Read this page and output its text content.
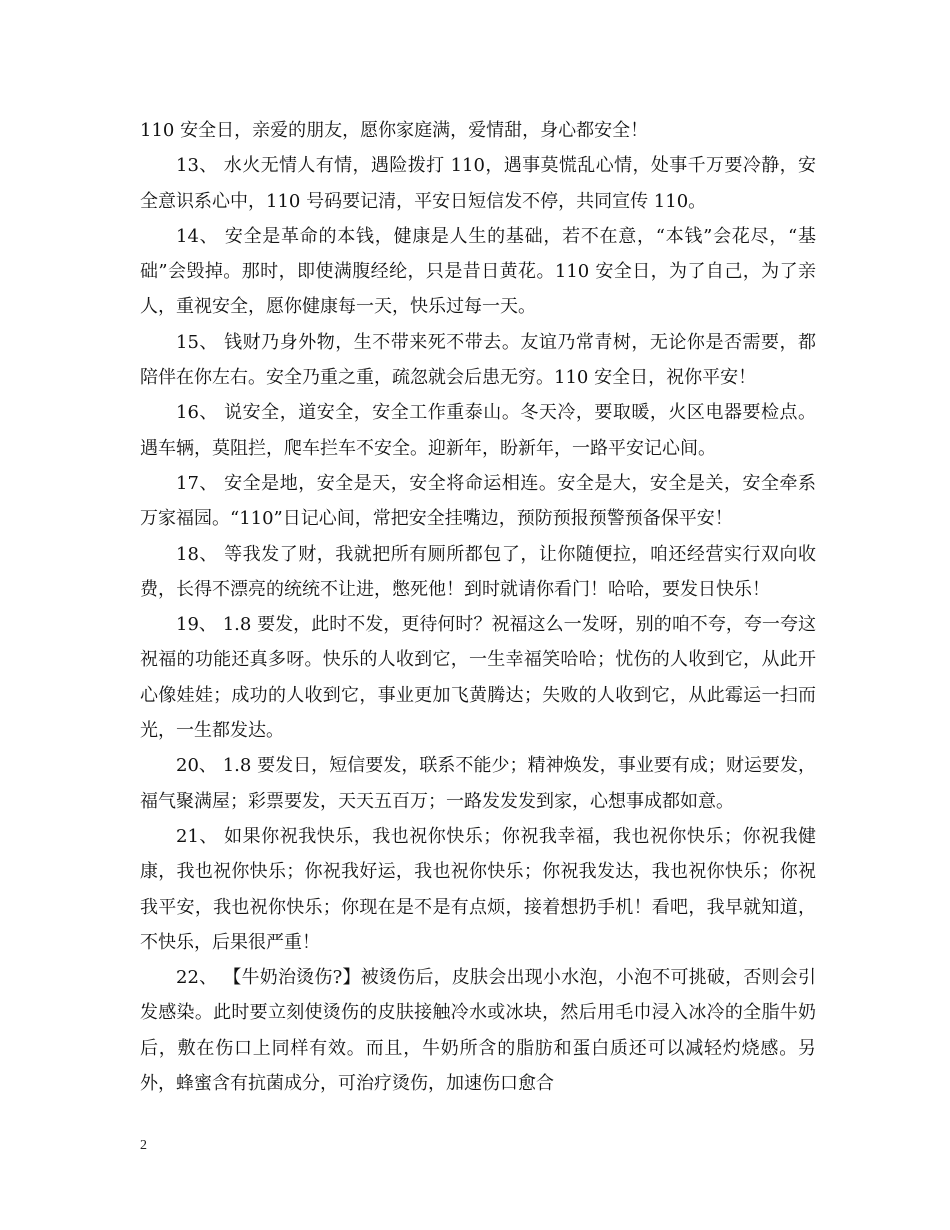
110 安全日，亲爱的朋友，愿你家庭满，爱情甜，身心都安全！

13、 水火无情人有情，遇险拨打 110，遇事莫慌乱心情，处事千万要冷静，安全意识系心中，110 号码要记清，平安日短信发不停，共同宣传 110。

14、 安全是革命的本钱，健康是人生的基础，若不在意，“本钱”会花尽，“基础”会毁掉。那时，即使满腹经纶，只是昔日黄花。110 安全日，为了自己，为了亲人，重视安全，愿你健康每一天，快乐过每一天。

15、 钱财乃身外物，生不带来死不带去。友谊乃常青树，无论你是否需要，都陪伴在你左右。安全乃重之重，疏忽就会后患无穷。110 安全日，祝你平安！

16、 说安全，道安全，安全工作重泰山。冬天冷，要取暖，火区电器要检点。遇车辆，莫阻拦，爬车拦车不安全。迎新年，盼新年，一路平安记心间。

17、 安全是地，安全是天，安全将命运相连。安全是大，安全是关，安全牵系万家福园。“110”日记心间，常把安全挂嘴边，预防预报预警预备保平安！

18、 等我发了财，我就把所有厕所都包了，让你随便拉，咱还经营实行双向收费，长得不漂亮的统统不让进，憋死他！到时就请你看门！哈哈，要发日快乐！

19、 1.8 要发，此时不发，更待何时？祝福这么一发呀，别的咱不夸，夸一夸这祝福的功能还真多呀。快乐的人收到它，一生幸福笑哈哈；忧伤的人收到它，从此开心像娃娃；成功的人收到它，事业更加飞黄腾达；失败的人收到它，从此霉运一扫而光，一生都发达。

20、 1.8 要发日，短信要发，联系不能少；精神焕发，事业要有成；财运要发，福气聚满屋；彩票要发，天天五百万；一路发发发到家，心想事成都如意。

21、 如果你祝我快乐，我也祝你快乐；你祝我幸福，我也祝你快乐；你祝我健康，我也祝你快乐；你祝我好运，我也祝你快乐；你祝我发达，我也祝你快乐；你祝我平安，我也祝你快乐；你现在是不是有点烦，接着想扔手机！看吧，我早就知道，不快乐，后果很严重！

22、 【牛奶治烫伤?】被烫伤后，皮肤会出现小水泡，小泡不可挑破，否则会引发感染。此时要立刻使烫伤的皮肤接触冷水或冰块，然后用毛巾浸入冰冷的全脂牛奶后，敷在伤口上同样有效。而且，牛奶所含的脂肪和蛋白质还可以减轻灼烧感。另外，蜂蜜含有抗菌成分，可治疗烫伤，加速伤口愈合

2
